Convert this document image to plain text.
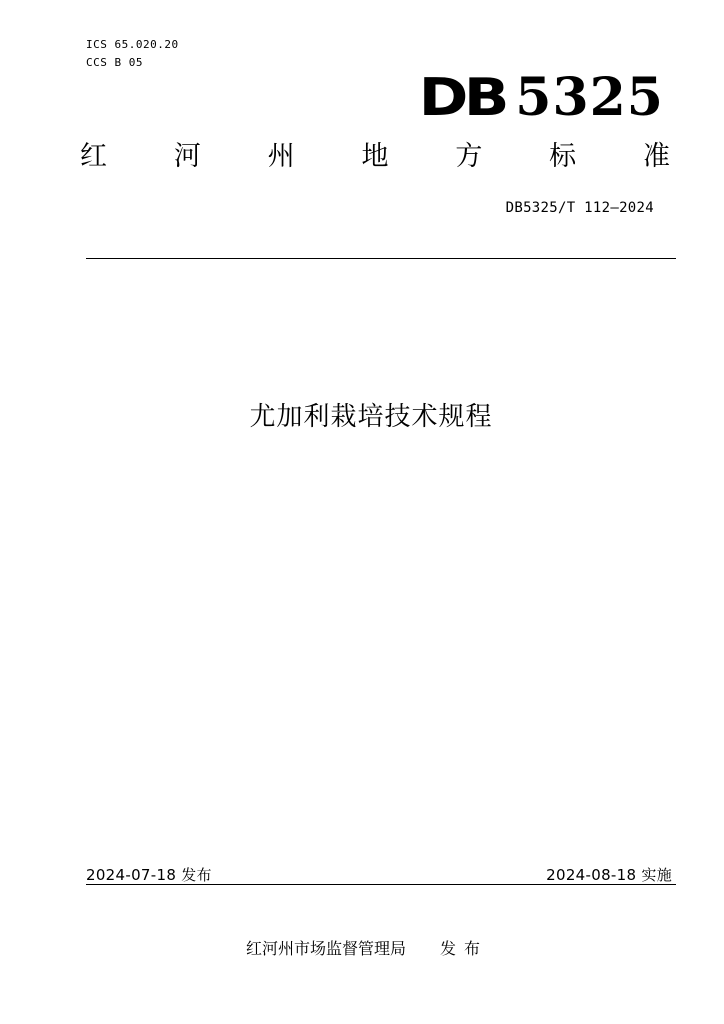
ICS 65.020.20
CCS B 05
DB 5325
红 河 州 地 方 标 准
DB5325/T 112—2024
尤加利栽培技术规程
2024-07-18 发布	2024-08-18 实施
红河州市场监督管理局 发布
